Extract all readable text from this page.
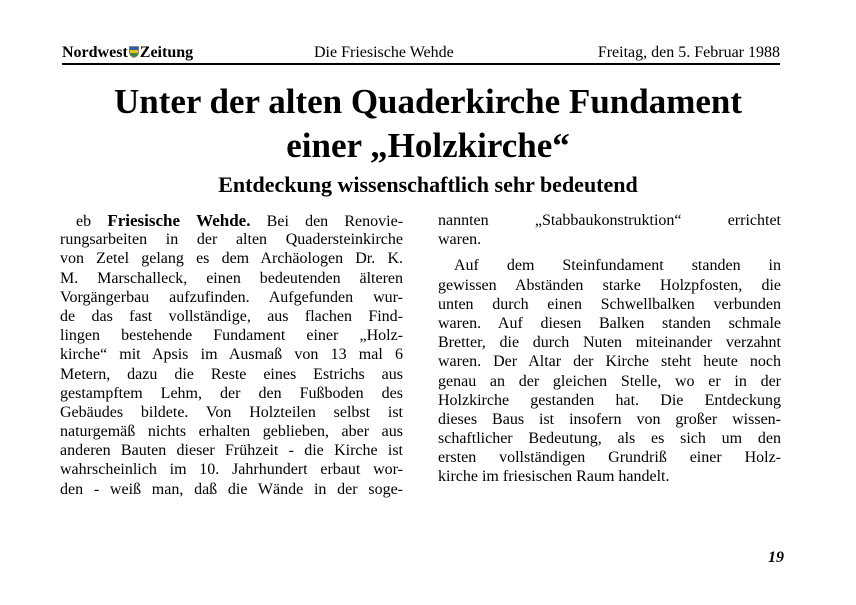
Nordwest Zeitung	Die Friesische Wehde	Freitag, den 5. Februar 1988
Unter der alten Quaderkirche Fundament
einer „Holzkirche“
Entdeckung wissenschaftlich sehr bedeutend
eb Friesische Wehde. Bei den Renovie-
rungsarbeiten in der alten Quadersteinkirche
von Zetel gelang es dem Archäologen Dr. K.
M. Marschalleck, einen bedeutenden älteren
Vorgängerbau aufzufinden. Aufgefunden wur-
de das fast vollständige, aus flachen Find-
lingen bestehende Fundament einer „Holz-
kirche“ mit Apsis im Ausmaß von 13 mal 6
Metern, dazu die Reste eines Estrichs aus
gestampftem Lehm, der den Fußboden des
Gebäudes bildete. Von Holzteilen selbst ist
naturgemäß nichts erhalten geblieben, aber aus
anderen Bauten dieser Frühzeit - die Kirche ist
wahrscheinlich im 10. Jahrhundert erbaut wor-
den - weiß man, daß die Wände in der soge-
nannten „Stabbaukonstruktion“ errichtet
waren.
Auf dem Steinfundament standen in
gewissen Abständen starke Holzpfosten, die
unten durch einen Schwellbalken verbunden
waren. Auf diesen Balken standen schmale
Bretter, die durch Nuten miteinander verzahnt
waren. Der Altar der Kirche steht heute noch
genau an der gleichen Stelle, wo er in der
Holzkirche gestanden hat. Die Entdeckung
dieses Baus ist insofern von großer wissen-
schaftlicher Bedeutung, als es sich um den
ersten vollständigen Grundriß einer Holz-
kirche im friesischen Raum handelt.
19
